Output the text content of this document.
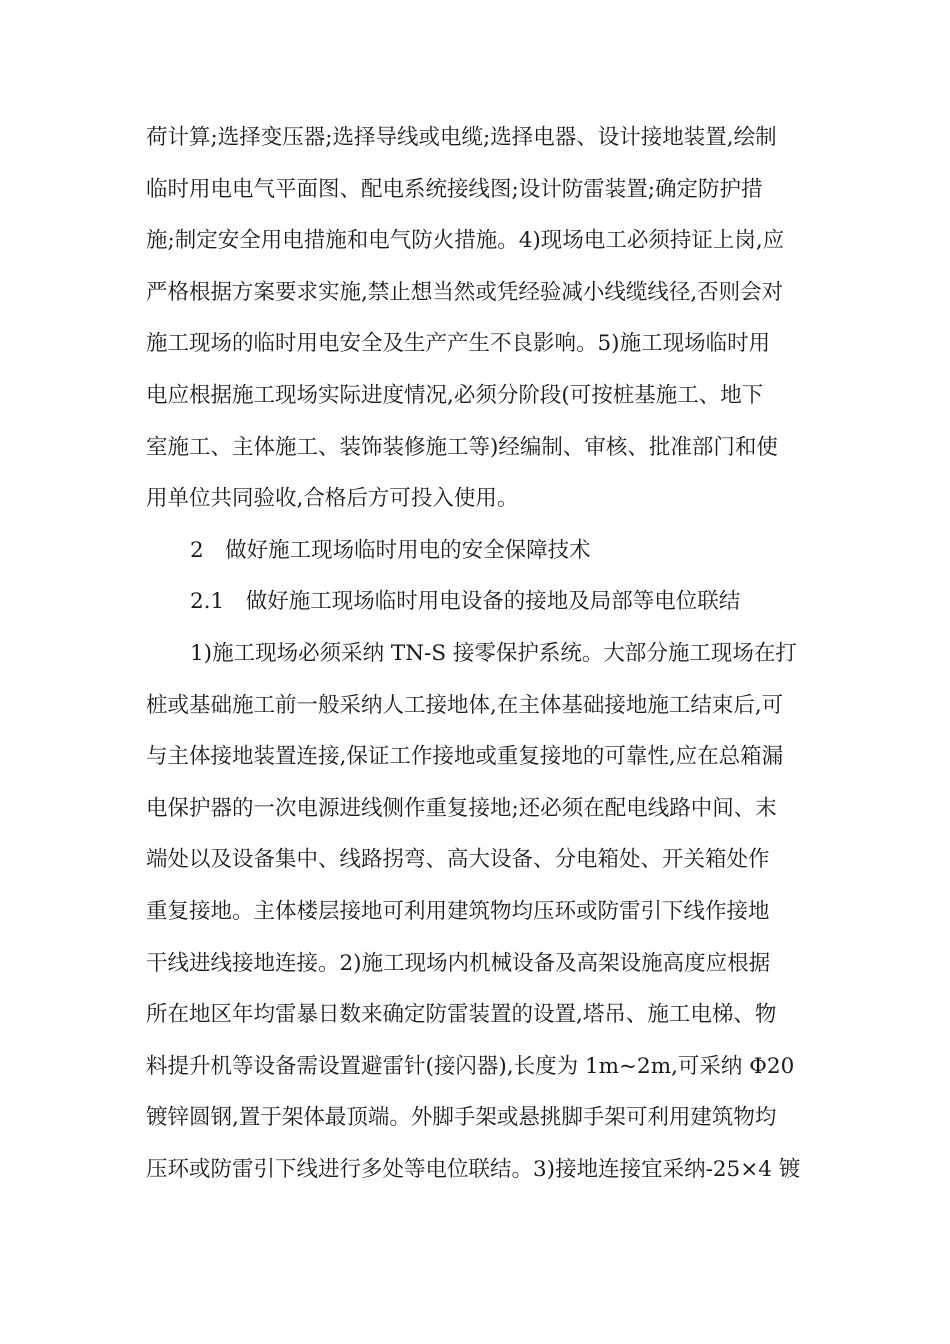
荷计算;选择变压器;选择导线或电缆;选择电器、设计接地装置,绘制
临时用电电气平面图、配电系统接线图;设计防雷装置;确定防护措
施;制定安全用电措施和电气防火措施。4)现场电工必须持证上岗,应
严格根据方案要求实施,禁止想当然或凭经验减小线缆线径,否则会对
施工现场的临时用电安全及生产产生不良影响。5)施工现场临时用
电应根据施工现场实际进度情况,必须分阶段(可按桩基施工、地下
室施工、主体施工、装饰装修施工等)经编制、审核、批准部门和使
用单位共同验收,合格后方可投入使用。
2　做好施工现场临时用电的安全保障技术
2.1　做好施工现场临时用电设备的接地及局部等电位联结
1)施工现场必须采纳 TN-S 接零保护系统。大部分施工现场在打
桩或基础施工前一般采纳人工接地体,在主体基础接地施工结束后,可
与主体接地装置连接,保证工作接地或重复接地的可靠性,应在总箱漏
电保护器的一次电源进线侧作重复接地;还必须在配电线路中间、末
端处以及设备集中、线路拐弯、高大设备、分电箱处、开关箱处作
重复接地。主体楼层接地可利用建筑物均压环或防雷引下线作接地
干线进线接地连接。2)施工现场内机械设备及高架设施高度应根据
所在地区年均雷暴日数来确定防雷装置的设置,塔吊、施工电梯、物
料提升机等设备需设置避雷针(接闪器),长度为 1m~2m,可采纳 Φ20
镀锌圆钢,置于架体最顶端。外脚手架或悬挑脚手架可利用建筑物均
压环或防雷引下线进行多处等电位联结。3)接地连接宜采纳-25×4 镀
